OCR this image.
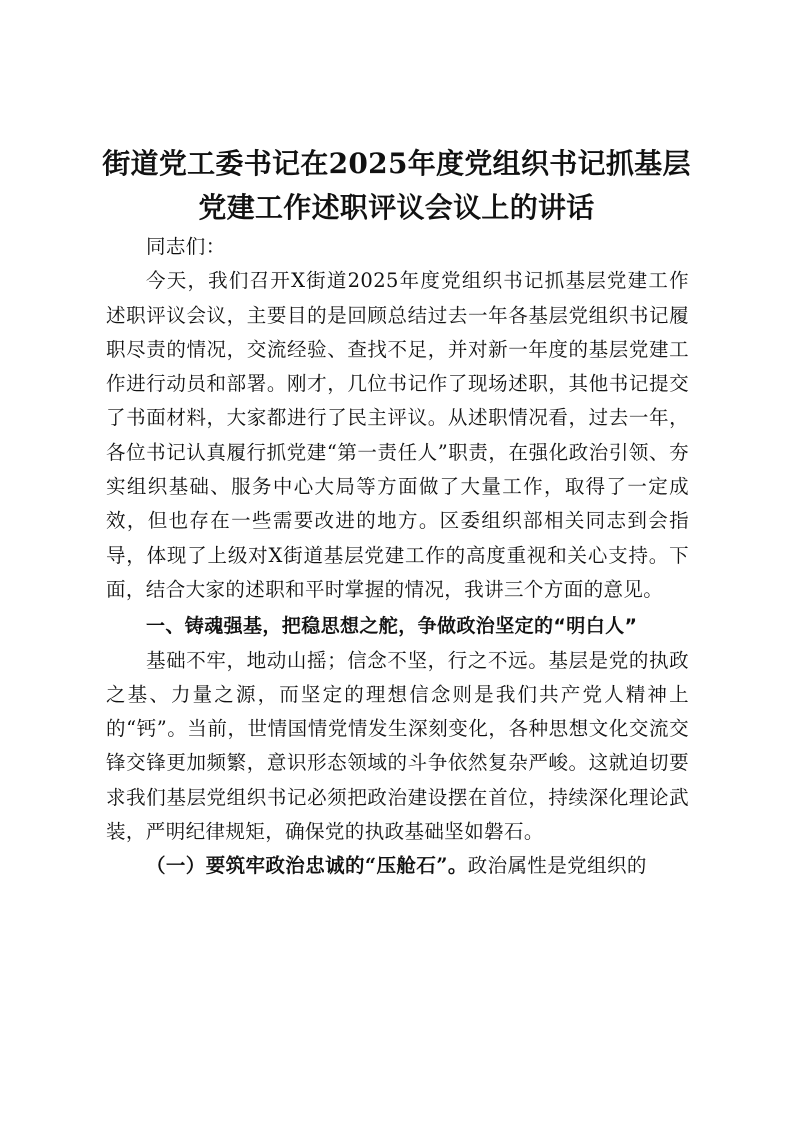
街道党工委书记在2025年度党组织书记抓基层党建工作述职评议会议上的讲话

同志们：

今天，我们召开X街道2025年度党组织书记抓基层党建工作述职评议会议，主要目的是回顾总结过去一年各基层党组织书记履职尽责的情况，交流经验、查找不足，并对新一年度的基层党建工作进行动员和部署。刚才，几位书记作了现场述职，其他书记提交了书面材料，大家都进行了民主评议。从述职情况看，过去一年，各位书记认真履行抓党建“第一责任人”职责，在强化政治引领、夯实组织基础、服务中心大局等方面做了大量工作，取得了一定成效，但也存在一些需要改进的地方。区委组织部相关同志到会指导，体现了上级对X街道基层党建工作的高度重视和关心支持。下面，结合大家的述职和平时掌握的情况，我讲三个方面的意见。

一、铸魂强基，把稳思想之舵，争做政治坚定的“明白人”

基础不牢，地动山摇；信念不坚，行之不远。基层是党的执政之基、力量之源，而坚定的理想信念则是我们共产党人精神上的“钙”。当前，世情国情党情发生深刻变化，各种思想文化交流交锋交锋更加频繁，意识形态领域的斗争依然复杂严峻。这就迫切要求我们基层党组织书记必须把政治建设摆在首位，持续深化理论武装，严明纪律规矩，确保党的执政基础坚如磐石。

（一）要筑牢政治忠诚的“压舱石”。政治属性是党组织的
